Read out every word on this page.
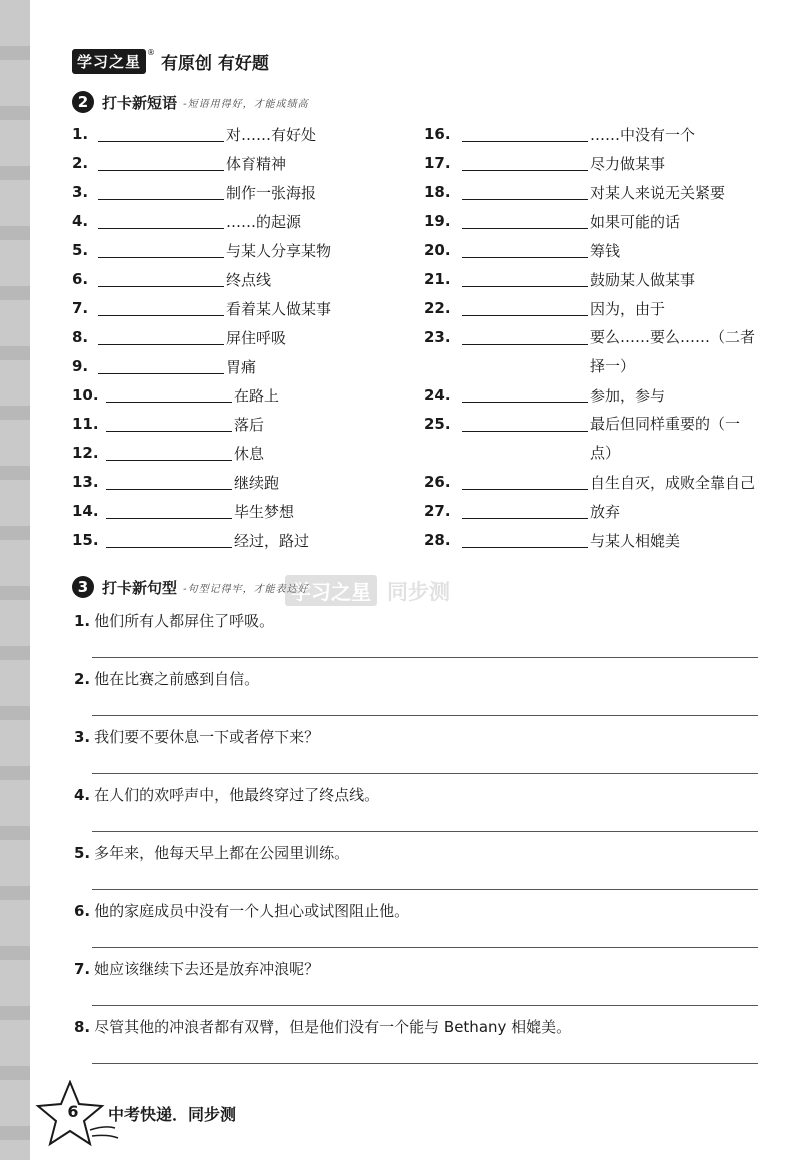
学习之星 ®
有原创 有好题
2 打卡新短语 -短语用得好，才能成绩高
1.	对……有好处
2.	体育精神
3.	制作一张海报
4.	……的起源
5.	与某人分享某物
6.	终点线
7.	看着某人做某事
8.	屏住呼吸
9.	胃痛
10.	在路上
11.	落后
12.	休息
13.	继续跑
14.	毕生梦想
15.	经过，路过
16.	……中没有一个
17.	尽力做某事
18.	对某人来说无关紧要
19.	如果可能的话
20.	筹钱
21.	鼓励某人做某事
22.	因为，由于
23.	要么……要么……（二者择一）
24.	参加，参与
25.	最后但同样重要的（一点）
26.	自生自灭，成败全靠自己
27.	放弃
28.	与某人相媲美
3 打卡新句型 -句型记得牢，才能表达好
学习之星 同步测
1. 他们所有人都屏住了呼吸。
2. 他在比赛之前感到自信。
3. 我们要不要休息一下或者停下来？
4. 在人们的欢呼声中，他最终穿过了终点线。
5. 多年来，他每天早上都在公园里训练。
6. 他的家庭成员中没有一个人担心或试图阻止他。
7. 她应该继续下去还是放弃冲浪呢？
8. 尽管其他的冲浪者都有双臂，但是他们没有一个能与 Bethany 相媲美。
6 中考快递．同步测
